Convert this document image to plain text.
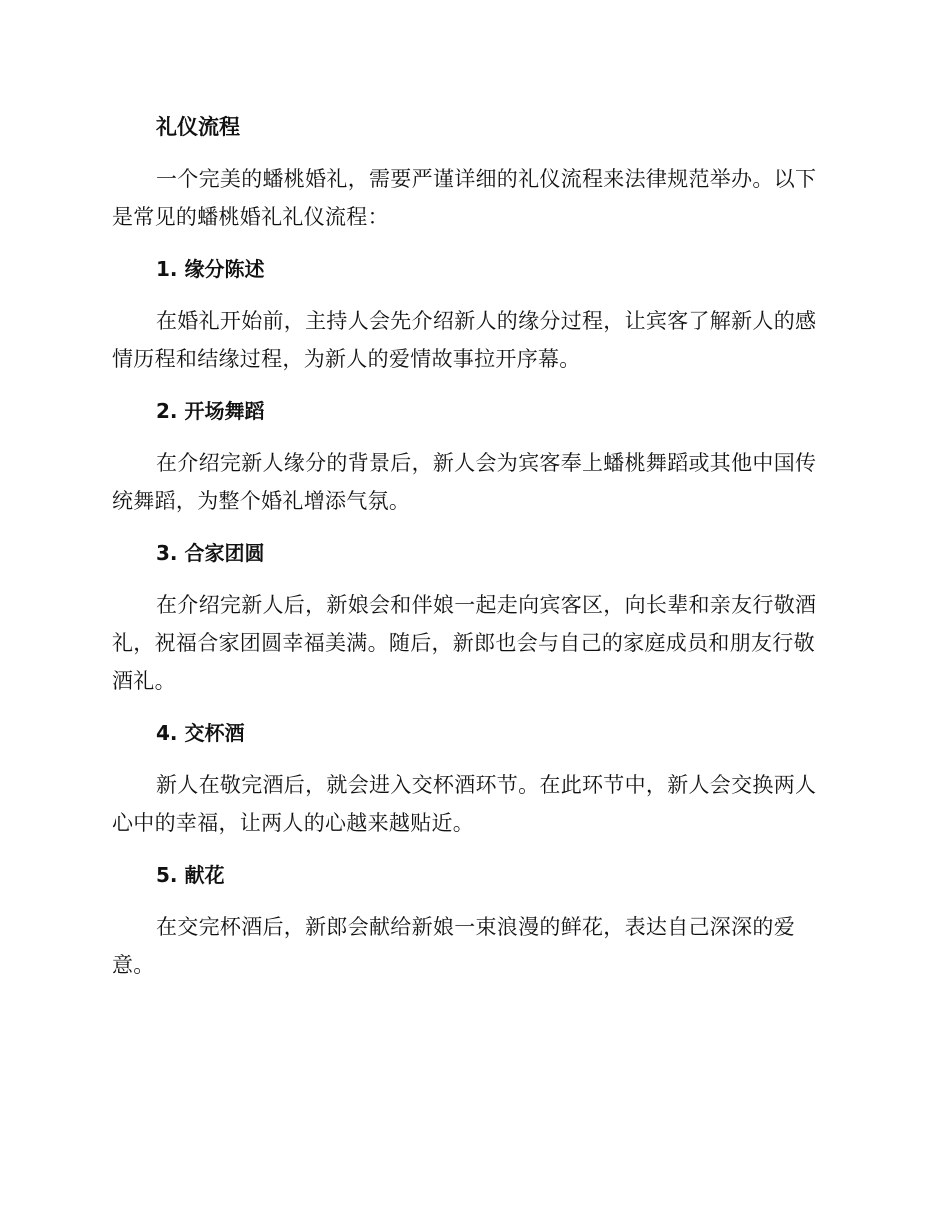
礼仪流程

一个完美的蟠桃婚礼，需要严谨详细的礼仪流程来法律规范举办。以下是常见的蟠桃婚礼礼仪流程：

1. 缘分陈述

在婚礼开始前，主持人会先介绍新人的缘分过程，让宾客了解新人的感情历程和结缘过程，为新人的爱情故事拉开序幕。

2. 开场舞蹈

在介绍完新人缘分的背景后，新人会为宾客奉上蟠桃舞蹈或其他中国传统舞蹈，为整个婚礼增添气氛。

3. 合家团圆

在介绍完新人后，新娘会和伴娘一起走向宾客区，向长辈和亲友行敬酒礼，祝福合家团圆幸福美满。随后，新郎也会与自己的家庭成员和朋友行敬酒礼。

4. 交杯酒

新人在敬完酒后，就会进入交杯酒环节。在此环节中，新人会交换两人心中的幸福，让两人的心越来越贴近。

5. 献花

在交完杯酒后，新郎会献给新娘一束浪漫的鲜花，表达自己深深的爱意。
